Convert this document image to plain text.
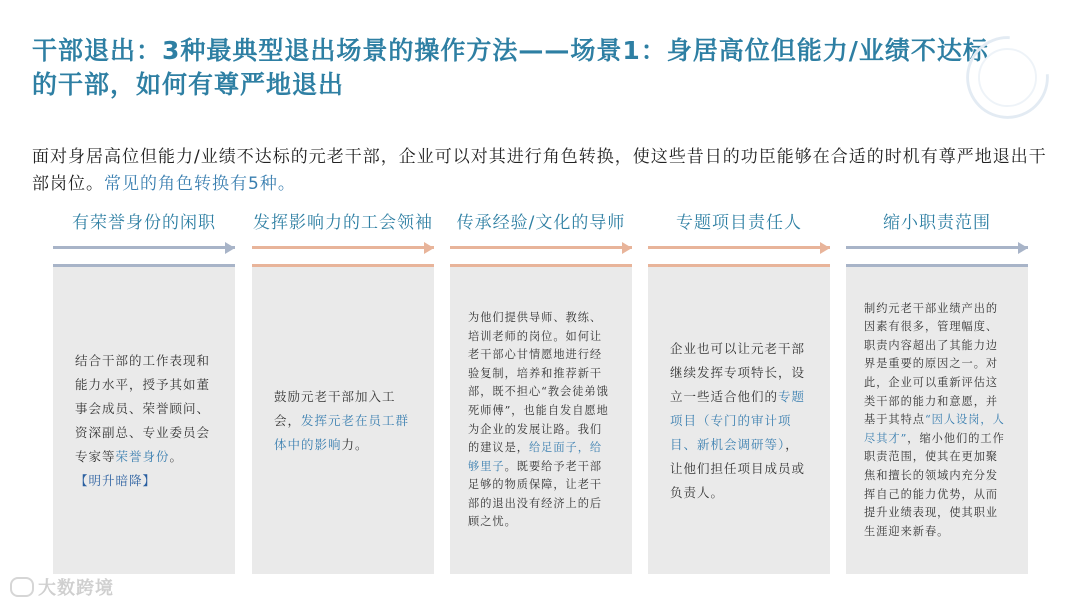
干部退出：3种最典型退出场景的操作方法——场景1：身居高位但能力/业绩不达标的干部，如何有尊严地退出
面对身居高位但能力/业绩不达标的元老干部，企业可以对其进行角色转换，使这些昔日的功臣能够在合适的时机有尊严地退出干部岗位。常见的角色转换有5种。
有荣誉身份的闲职
结合干部的工作表现和能力水平，授予其如董事会成员、荣誉顾问、资深副总、专业委员会专家等荣誉身份。
【明升暗降】
发挥影响力的工会领袖
鼓励元老干部加入工会，发挥元老在员工群体中的影响力。
传承经验/文化的导师
为他们提供导师、教练、培训老师的岗位。如何让老干部心甘情愿地进行经验复制，培养和推荐新干部，既不担心“教会徒弟饿死师傅”，也能自发自愿地为企业的发展让路。我们的建议是，给足面子，给够里子。既要给予老干部足够的物质保障，让老干部的退出没有经济上的后顾之忧。
专题项目责任人
企业也可以让元老干部继续发挥专项特长，设立一些适合他们的专题项目（专门的审计项目、新机会调研等），让他们担任项目成员或负责人。
缩小职责范围
制约元老干部业绩产出的因素有很多，管理幅度、职责内容超出了其能力边界是重要的原因之一。对此，企业可以重新评估这类干部的能力和意愿，并基于其特点“因人设岗，人尽其才”，缩小他们的工作职责范围，使其在更加聚焦和擅长的领域内充分发挥自己的能力优势，从而提升业绩表现，使其职业生涯迎来新春。
大数跨境
